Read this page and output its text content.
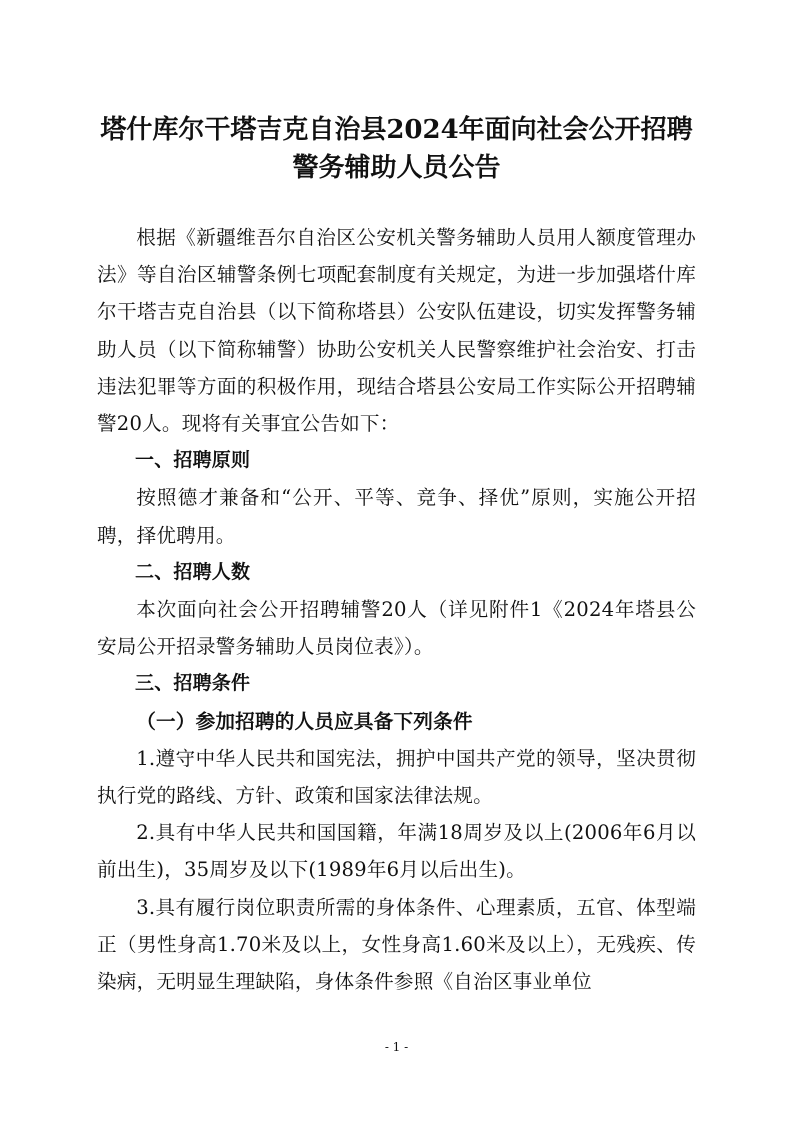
塔什库尔干塔吉克自治县2024年面向社会公开招聘
警务辅助人员公告

根据《新疆维吾尔自治区公安机关警务辅助人员用人额度管理办法》等自治区辅警条例七项配套制度有关规定，为进一步加强塔什库尔干塔吉克自治县（以下简称塔县）公安队伍建设，切实发挥警务辅助人员（以下简称辅警）协助公安机关人民警察维护社会治安、打击违法犯罪等方面的积极作用，现结合塔县公安局工作实际公开招聘辅警20人。现将有关事宜公告如下：

一、招聘原则

按照德才兼备和“公开、平等、竞争、择优”原则，实施公开招聘，择优聘用。

二、招聘人数

本次面向社会公开招聘辅警20人（详见附件1《2024年塔县公安局公开招录警务辅助人员岗位表》）。

三、招聘条件

（一）参加招聘的人员应具备下列条件

1.遵守中华人民共和国宪法，拥护中国共产党的领导，坚决贯彻执行党的路线、方针、政策和国家法律法规。

2.具有中华人民共和国国籍，年满18周岁及以上(2006年6月以前出生)，35周岁及以下(1989年6月以后出生)。

3.具有履行岗位职责所需的身体条件、心理素质，五官、体型端正（男性身高1.70米及以上，女性身高1.60米及以上），无残疾、传染病，无明显生理缺陷，身体条件参照《自治区事业单位

- 1 -
